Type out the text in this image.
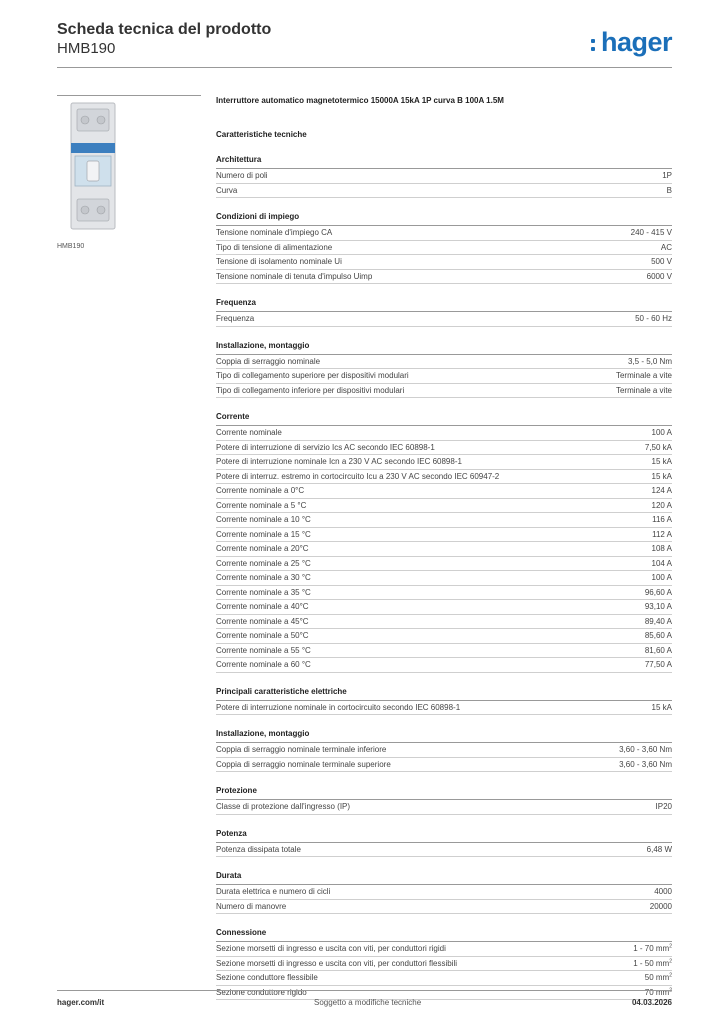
Scheda tecnica del prodotto
HMB190	hager
HMB190
Interruttore automatico magnetotermico 15000A 15kA 1P curva B 100A 1.5M
Caratteristiche tecniche
Architettura
Numero di poli	1P
Curva	B
Condizioni di impiego
Tensione nominale d'impiego CA	240 - 415 V
Tipo di tensione di alimentazione	AC
Tensione di isolamento nominale Ui	500 V
Tensione nominale di tenuta d'impulso Uimp	6000 V
Frequenza
Frequenza	50 - 60 Hz
Installazione, montaggio
Coppia di serraggio nominale	3,5 - 5,0 Nm
Tipo di collegamento superiore per dispositivi modulari	Terminale a vite
Tipo di collegamento inferiore per dispositivi modulari	Terminale a vite
Corrente
Corrente nominale	100 A
Potere di interruzione di servizio Ics AC secondo IEC 60898-1	7,50 kA
Potere di interruzione nominale Icn a 230 V AC secondo IEC 60898-1	15 kA
Potere di interruz. estremo in cortocircuito Icu a 230 V AC secondo IEC 60947-2	15 kA
Corrente nominale a 0°C	124 A
Corrente nominale a 5 °C	120 A
Corrente nominale a 10 °C	116 A
Corrente nominale a 15 °C	112 A
Corrente nominale a 20°C	108 A
Corrente nominale a 25 °C	104 A
Corrente nominale a 30 °C	100 A
Corrente nominale a 35 °C	96,60 A
Corrente nominale a 40°C	93,10 A
Corrente nominale a 45°C	89,40 A
Corrente nominale a 50°C	85,60 A
Corrente nominale a 55 °C	81,60 A
Corrente nominale a 60 °C	77,50 A
Principali caratteristiche elettriche
Potere di interruzione nominale in cortocircuito secondo IEC 60898-1	15 kA
Installazione, montaggio
Coppia di serraggio nominale terminale inferiore	3,60 - 3,60 Nm
Coppia di serraggio nominale terminale superiore	3,60 - 3,60 Nm
Protezione
Classe di protezione dall'ingresso (IP)	IP20
Potenza
Potenza dissipata totale	6,48 W
Durata
Durata elettrica e numero di cicli	4000
Numero di manovre	20000
Connessione
Sezione morsetti di ingresso e uscita con viti, per conduttori rigidi	1 - 70 $mm^2$
Sezione morsetti di ingresso e uscita con viti, per conduttori flessibili	1 - 50 $mm^2$
Sezione conduttore flessibile	50 $mm^2$
Sezione conduttore rigido	70 $mm^2$
hager.com/it	Soggetto a modifiche tecniche	04.03.2026
